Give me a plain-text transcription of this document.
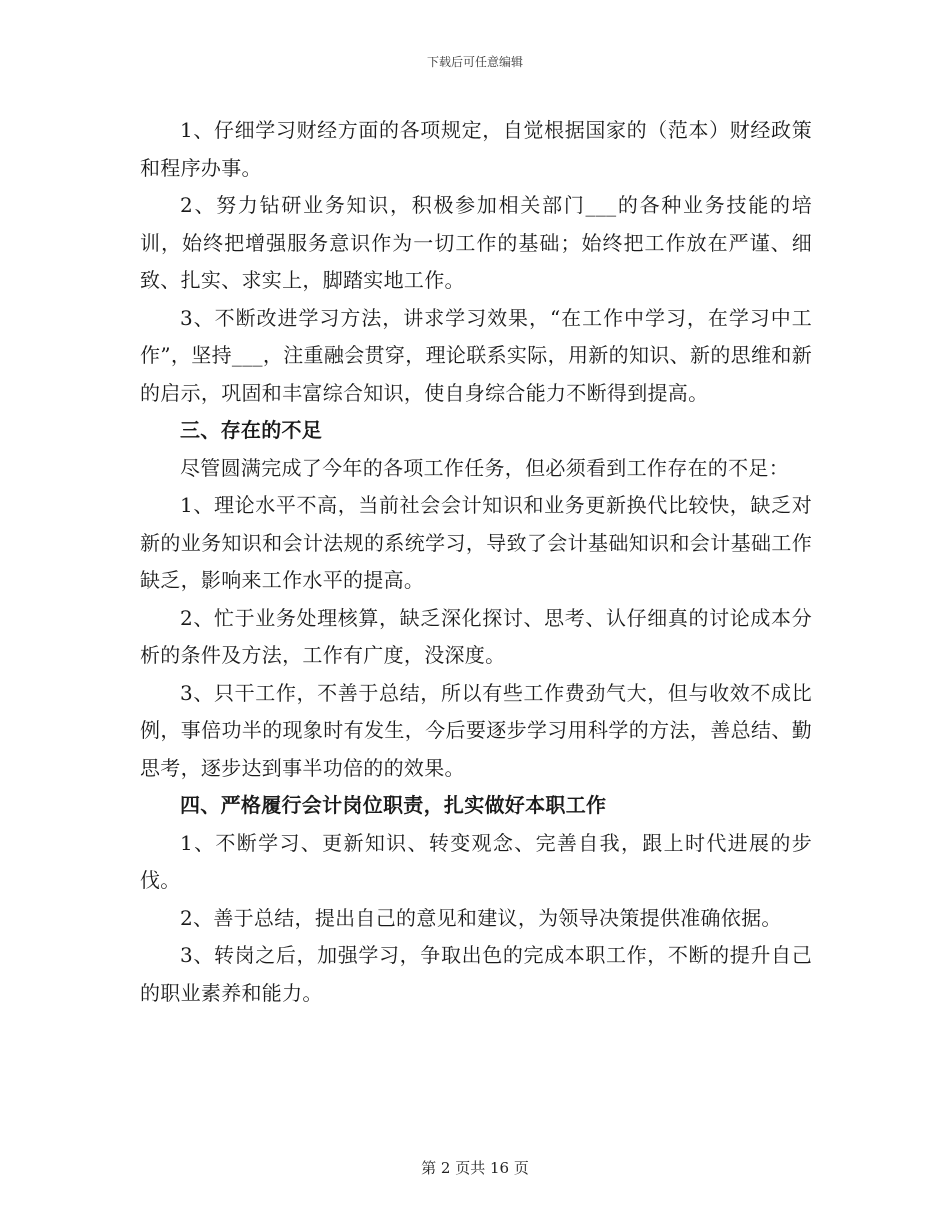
下载后可任意编辑

1、仔细学习财经方面的各项规定，自觉根据国家的（范本）财经政策和程序办事。

2、努力钻研业务知识，积极参加相关部门___的各种业务技能的培训，始终把增强服务意识作为一切工作的基础；始终把工作放在严谨、细致、扎实、求实上，脚踏实地工作。

3、不断改进学习方法，讲求学习效果，“在工作中学习，在学习中工作”，坚持___，注重融会贯穿，理论联系实际，用新的知识、新的思维和新的启示，巩固和丰富综合知识，使自身综合能力不断得到提高。

三、存在的不足

尽管圆满完成了今年的各项工作任务，但必须看到工作存在的不足：

1、理论水平不高，当前社会会计知识和业务更新换代比较快，缺乏对新的业务知识和会计法规的系统学习，导致了会计基础知识和会计基础工作缺乏，影响来工作水平的提高。

2、忙于业务处理核算，缺乏深化探讨、思考、认仔细真的讨论成本分析的条件及方法，工作有广度，没深度。

3、只干工作，不善于总结，所以有些工作费劲气大，但与收效不成比例，事倍功半的现象时有发生，今后要逐步学习用科学的方法，善总结、勤思考，逐步达到事半功倍的的效果。

四、严格履行会计岗位职责，扎实做好本职工作

1、不断学习、更新知识、转变观念、完善自我，跟上时代进展的步伐。

2、善于总结，提出自己的意见和建议，为领导决策提供准确依据。

3、转岗之后，加强学习，争取出色的完成本职工作，不断的提升自己的职业素养和能力。

第 2 页共 16 页
